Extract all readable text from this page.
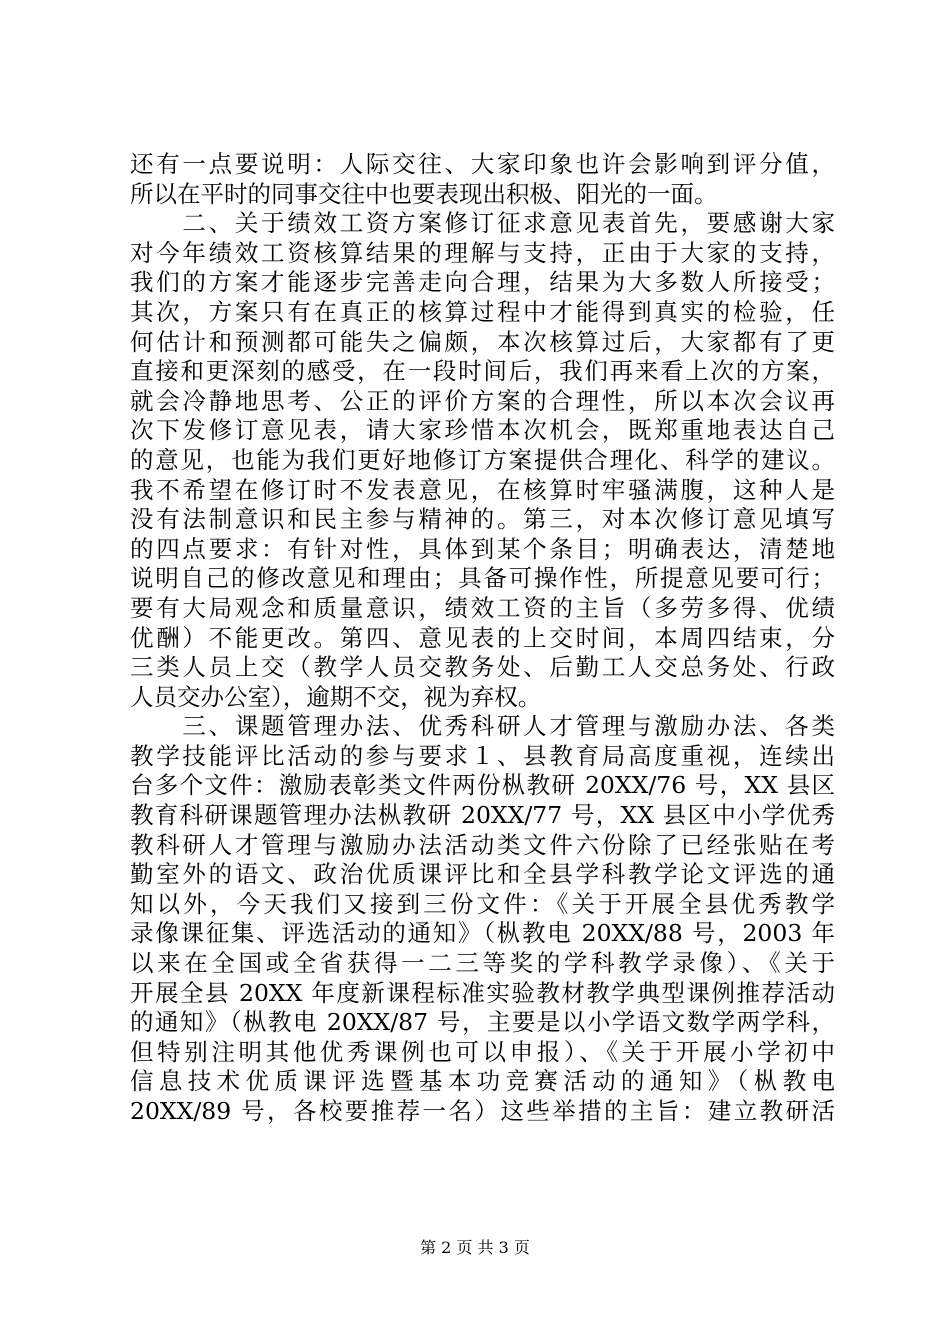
还有一点要说明：人际交往、大家印象也许会影响到评分值，
所以在平时的同事交往中也要表现出积极、阳光的一面。
　　二、关于绩效工资方案修订征求意见表首先，要感谢大家
对今年绩效工资核算结果的理解与支持，正由于大家的支持，
我们的方案才能逐步完善走向合理，结果为大多数人所接受；
其次，方案只有在真正的核算过程中才能得到真实的检验，任
何估计和预测都可能失之偏颇，本次核算过后，大家都有了更
直接和更深刻的感受，在一段时间后，我们再来看上次的方案，
就会冷静地思考、公正的评价方案的合理性，所以本次会议再
次下发修订意见表，请大家珍惜本次机会，既郑重地表达自己
的意见，也能为我们更好地修订方案提供合理化、科学的建议。
我不希望在修订时不发表意见，在核算时牢骚满腹，这种人是
没有法制意识和民主参与精神的。第三，对本次修订意见填写
的四点要求：有针对性，具体到某个条目；明确表达，清楚地
说明自己的修改意见和理由；具备可操作性，所提意见要可行；
要有大局观念和质量意识，绩效工资的主旨（多劳多得、优绩
优酬）不能更改。第四、意见表的上交时间，本周四结束，分
三类人员上交（教学人员交教务处、后勤工人交总务处、行政
人员交办公室），逾期不交，视为弃权。
　　三、课题管理办法、优秀科研人才管理与激励办法、各类
教学技能评比活动的参与要求１、县教育局高度重视，连续出
台多个文件：激励表彰类文件两份枞教研 20XX/76 号，XX 县区
教育科研课题管理办法枞教研 20XX/77 号，XX 县区中小学优秀
教科研人才管理与激励办法活动类文件六份除了已经张贴在考
勤室外的语文、政治优质课评比和全县学科教学论文评选的通
知以外，今天我们又接到三份文件：《关于开展全县优秀教学
录像课征集、评选活动的通知》（枞教电 20XX/88 号，2003 年
以来在全国或全省获得一二三等奖的学科教学录像）、《关于
开展全县 20XX 年度新课程标准实验教材教学典型课例推荐活动
的通知》（枞教电 20XX/87 号，主要是以小学语文数学两学科，
但特别注明其他优秀课例也可以申报）、《关于开展小学初中
信息技术优质课评选暨基本功竞赛活动的通知》（枞教电
20XX/89 号，各校要推荐一名）这些举措的主旨：建立教研活
第 2 页 共 3 页
